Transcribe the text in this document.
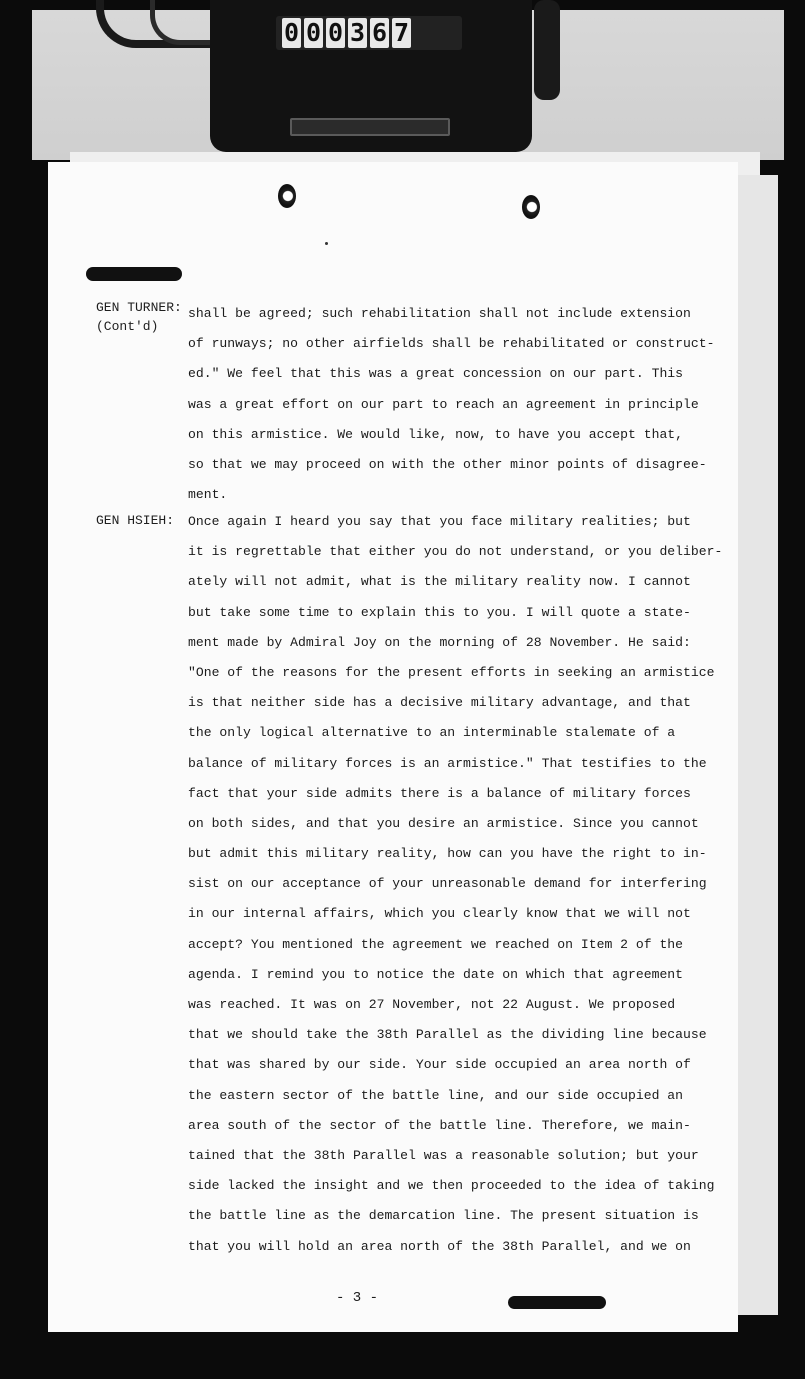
0 0 0 3 6 7
GEN TURNER:
(Cont'd)
shall be agreed; such rehabilitation shall not include extension
of runways; no other airfields shall be rehabilitated or construct-
ed." We feel that this was a great concession on our part. This
was a great effort on our part to reach an agreement in principle
on this armistice. We would like, now, to have you accept that,
so that we may proceed on with the other minor points of disagree-
ment.
GEN HSIEH: Once again I heard you say that you face military realities; but
it is regrettable that either you do not understand, or you deliber-
ately will not admit, what is the military reality now. I cannot
but take some time to explain this to you. I will quote a state-
ment made by Admiral Joy on the morning of 28 November. He said:
"One of the reasons for the present efforts in seeking an armistice
is that neither side has a decisive military advantage, and that
the only logical alternative to an interminable stalemate of a
balance of military forces is an armistice." That testifies to the
fact that your side admits there is a balance of military forces
on both sides, and that you desire an armistice. Since you cannot
but admit this military reality, how can you have the right to in-
sist on our acceptance of your unreasonable demand for interfering
in our internal affairs, which you clearly know that we will not
accept? You mentioned the agreement we reached on Item 2 of the
agenda. I remind you to notice the date on which that agreement
was reached. It was on 27 November, not 22 August. We proposed
that we should take the 38th Parallel as the dividing line because
that was shared by our side. Your side occupied an area north of
the eastern sector of the battle line, and our side occupied an
area south of the sector of the battle line. Therefore, we main-
tained that the 38th Parallel was a reasonable solution; but your
side lacked the insight and we then proceeded to the idea of taking
the battle line as the demarcation line. The present situation is
that you will hold an area north of the 38th Parallel, and we on
- 3 -
